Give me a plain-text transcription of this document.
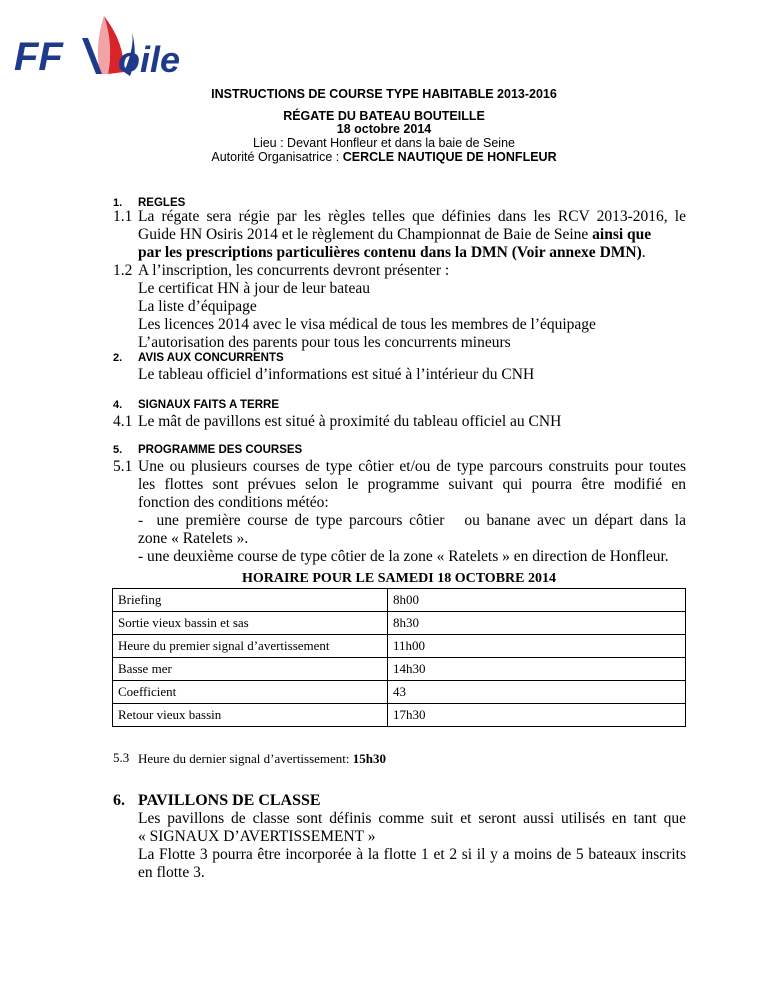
FF oile
INSTRUCTIONS DE COURSE TYPE HABITABLE 2013-2016
RÉGATE DU BATEAU BOUTEILLE
18 octobre 2014
Lieu : Devant Honfleur et dans la baie de Seine
Autorité Organisatrice : CERCLE NAUTIQUE DE HONFLEUR
1. REGLES
1.1 La régate sera régie par les règles telles que définies dans les RCV 2013-2016, le
Guide HN Osiris 2014 et le règlement du Championnat de Baie de Seine ainsi que
par les prescriptions particulières contenu dans la DMN (Voir annexe DMN).
1.2 A l’inscription, les concurrents devront présenter :
Le certificat HN à jour de leur bateau
La liste d’équipage
Les licences 2014 avec le visa médical de tous les membres de l’équipage
L’autorisation des parents pour tous les concurrents mineurs
2. AVIS AUX CONCURRENTS
Le tableau officiel d’informations est situé à l’intérieur du CNH
4. SIGNAUX FAITS A TERRE
4.1 Le mât de pavillons est situé à proximité du tableau officiel au CNH
5. PROGRAMME DES COURSES
5.1 Une ou plusieurs courses de type côtier et/ou de type parcours construits pour toutes
les flottes sont prévues selon le programme suivant qui pourra être modifié en
fonction des conditions météo:
-  une première course de type parcours côtier   ou banane avec un départ dans la
zone « Ratelets ».
- une deuxième course de type côtier de la zone « Ratelets » en direction de Honfleur.
HORAIRE POUR LE SAMEDI 18 OCTOBRE 2014
Briefing	8h00
Sortie vieux bassin et sas	8h30
Heure du premier signal d’avertissement	11h00
Basse mer	14h30
Coefficient	43
Retour vieux bassin	17h30
5.3 Heure du dernier signal d’avertissement: 15h30
6. PAVILLONS DE CLASSE
Les pavillons de classe sont définis comme suit et seront aussi utilisés en tant que
« SIGNAUX D’AVERTISSEMENT »
La Flotte 3 pourra être incorporée à la flotte 1 et 2 si il y a moins de 5 bateaux inscrits
en flotte 3.
